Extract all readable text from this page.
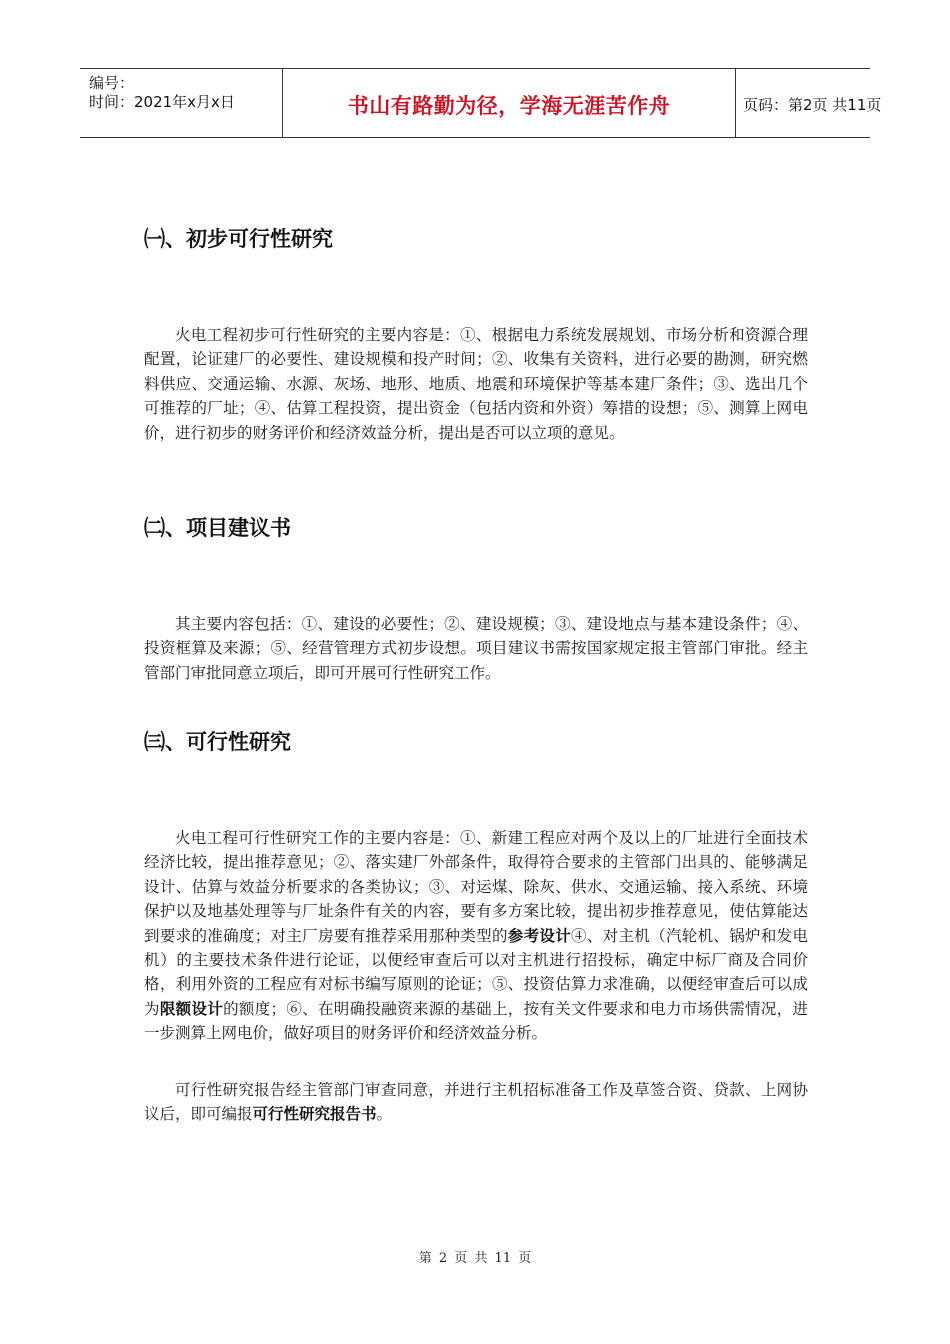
编号：
时间：2021年x月x日	书山有路勤为径，学海无涯苦作舟	页码：第2页 共11页
㈠、初步可行性研究
火电工程初步可行性研究的主要内容是：①、根据电力系统发展规划、市场分析和资源合理配置，论证建厂的必要性、建设规模和投产时间；②、收集有关资料，进行必要的勘测，研究燃料供应、交通运输、水源、灰场、地形、地质、地震和环境保护等基本建厂条件；③、选出几个可推荐的厂址；④、估算工程投资，提出资金（包括内资和外资）筹措的设想；⑤、测算上网电价，进行初步的财务评价和经济效益分析，提出是否可以立项的意见。
㈡、项目建议书
其主要内容包括：①、建设的必要性；②、建设规模；③、建设地点与基本建设条件；④、投资框算及来源；⑤、经营管理方式初步设想。项目建议书需按国家规定报主管部门审批。经主管部门审批同意立项后，即可开展可行性研究工作。
㈢、可行性研究
火电工程可行性研究工作的主要内容是：①、新建工程应对两个及以上的厂址进行全面技术经济比较，提出推荐意见；②、落实建厂外部条件，取得符合要求的主管部门出具的、能够满足设计、估算与效益分析要求的各类协议；③、对运煤、除灰、供水、交通运输、接入系统、环境保护以及地基处理等与厂址条件有关的内容，要有多方案比较，提出初步推荐意见，使估算能达到要求的准确度；对主厂房要有推荐采用那种类型的参考设计④、对主机（汽轮机、锅炉和发电机）的主要技术条件进行论证，以便经审查后可以对主机进行招投标，确定中标厂商及合同价格，利用外资的工程应有对标书编写原则的论证；⑤、投资估算力求准确，以便经审查后可以成为限额设计的额度；⑥、在明确投融资来源的基础上，按有关文件要求和电力市场供需情况，进一步测算上网电价，做好项目的财务评价和经济效益分析。
可行性研究报告经主管部门审查同意，并进行主机招标准备工作及草签合资、贷款、上网协议后，即可编报可行性研究报告书。
第 2 页 共 11 页
